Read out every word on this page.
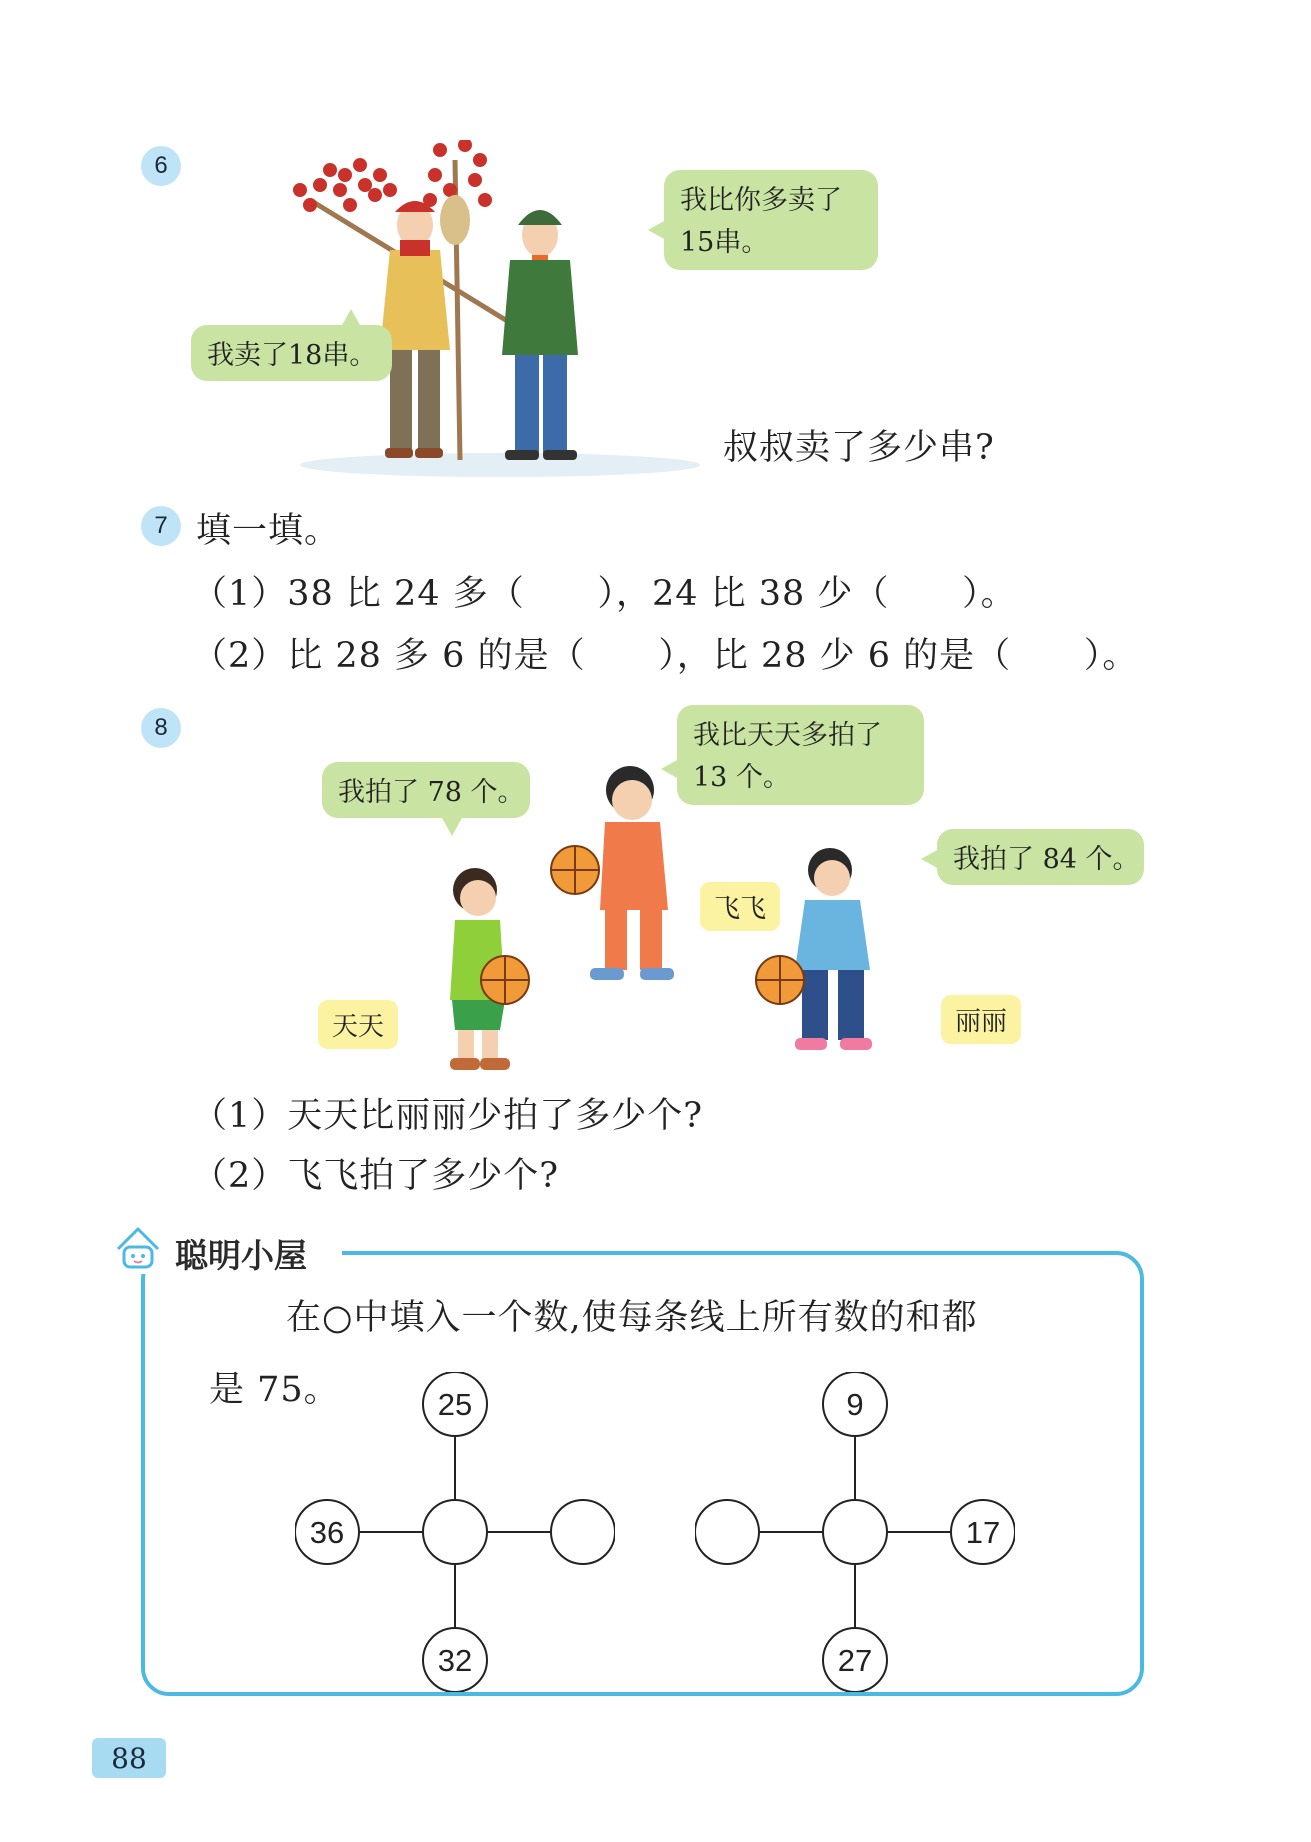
6
我比你多卖了
15串。
我卖了18串。
叔叔卖了多少串?
7 填一填。
（1）38 比 24 多（      ），24 比 38 少（      ）。
（2）比 28 多 6 的是（      ），比 28 少 6 的是（      ）。
8
我拍了 78 个。
我比天天多拍了
13 个。
我拍了 84 个。
天天
飞飞
丽丽
（1）天天比丽丽少拍了多少个?
（2）飞飞拍了多少个?
聪明小屋
在○中填入一个数,使每条线上所有数的和都
是 75。	25
36
32
9
17
27
88
